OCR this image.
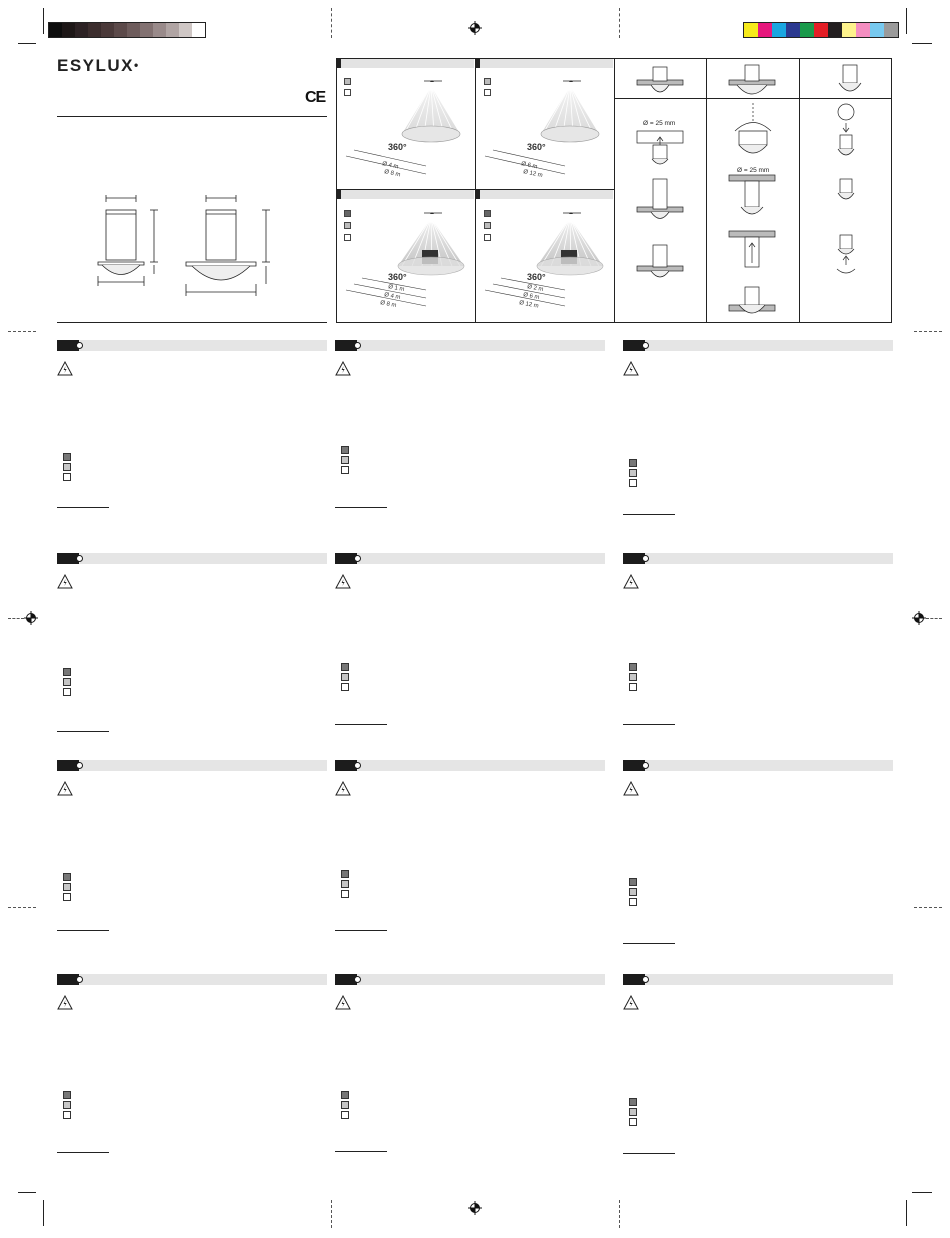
ESYLUX•
CE
360°
Ø 4 m
Ø 8 m
360°
Ø 6 m
Ø 12 m
360°
Ø 1 m
Ø 4 m
Ø 8 m
360°
Ø 2 m
Ø 6 m
Ø 12 m
Ø = 25 mm
Ø = 25 mm
